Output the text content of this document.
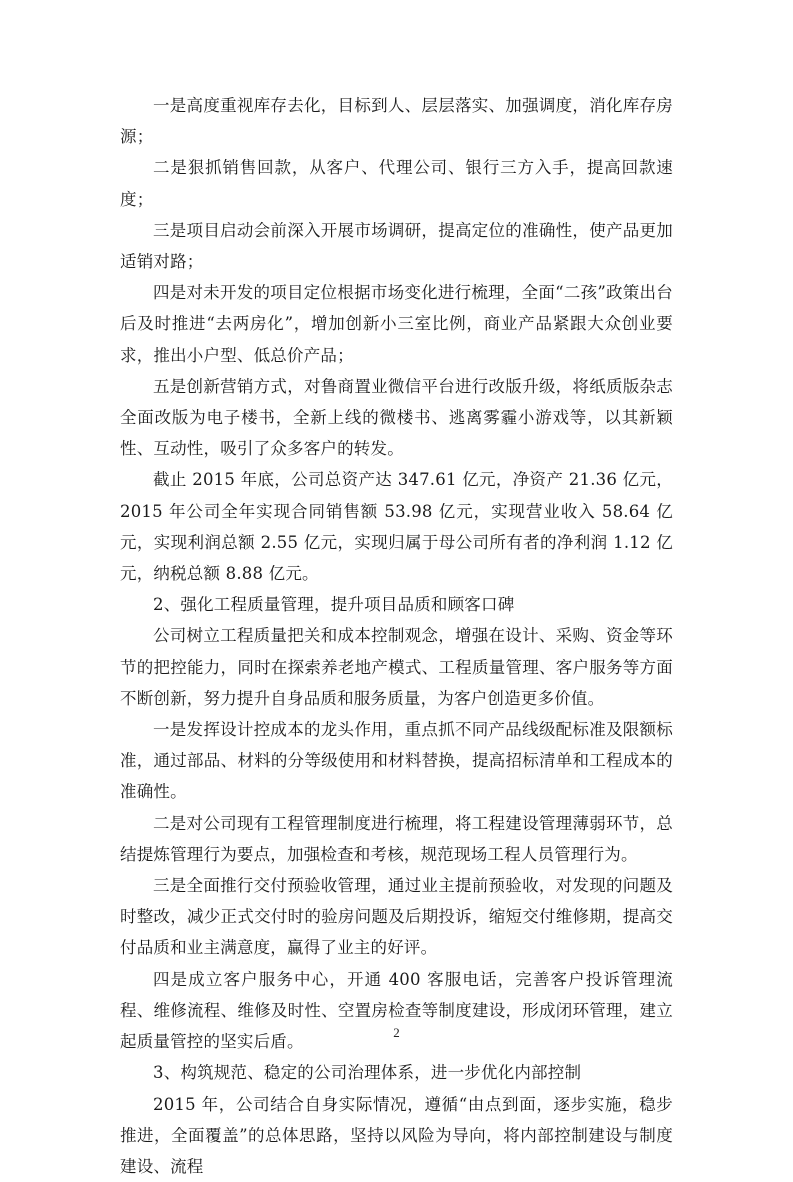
一是高度重视库存去化，目标到人、层层落实、加强调度，消化库存房源；

二是狠抓销售回款，从客户、代理公司、银行三方入手，提高回款速度；

三是项目启动会前深入开展市场调研，提高定位的准确性，使产品更加适销对路；

四是对未开发的项目定位根据市场变化进行梳理，全面“二孩”政策出台后及时推进“去两房化”，增加创新小三室比例，商业产品紧跟大众创业要求，推出小户型、低总价产品；

五是创新营销方式，对鲁商置业微信平台进行改版升级，将纸质版杂志全面改版为电子楼书，全新上线的微楼书、逃离雾霾小游戏等，以其新颖性、互动性，吸引了众多客户的转发。

截止 2015 年底，公司总资产达 347.61 亿元，净资产 21.36 亿元，2015 年公司全年实现合同销售额 53.98 亿元，实现营业收入 58.64 亿元，实现利润总额 2.55 亿元，实现归属于母公司所有者的净利润 1.12 亿元，纳税总额 8.88 亿元。

2、强化工程质量管理，提升项目品质和顾客口碑

公司树立工程质量把关和成本控制观念，增强在设计、采购、资金等环节的把控能力，同时在探索养老地产模式、工程质量管理、客户服务等方面不断创新，努力提升自身品质和服务质量，为客户创造更多价值。

一是发挥设计控成本的龙头作用，重点抓不同产品线级配标准及限额标准，通过部品、材料的分等级使用和材料替换，提高招标清单和工程成本的准确性。

二是对公司现有工程管理制度进行梳理，将工程建设管理薄弱环节，总结提炼管理行为要点，加强检查和考核，规范现场工程人员管理行为。

三是全面推行交付预验收管理，通过业主提前预验收，对发现的问题及时整改，减少正式交付时的验房问题及后期投诉，缩短交付维修期，提高交付品质和业主满意度，赢得了业主的好评。

四是成立客户服务中心，开通 400 客服电话，完善客户投诉管理流程、维修流程、维修及时性、空置房检查等制度建设，形成闭环管理，建立起质量管控的坚实后盾。

3、构筑规范、稳定的公司治理体系，进一步优化内部控制

2015 年，公司结合自身实际情况，遵循“由点到面，逐步实施，稳步推进，全面覆盖”的总体思路，坚持以风险为导向，将内部控制建设与制度建设、流程

2
